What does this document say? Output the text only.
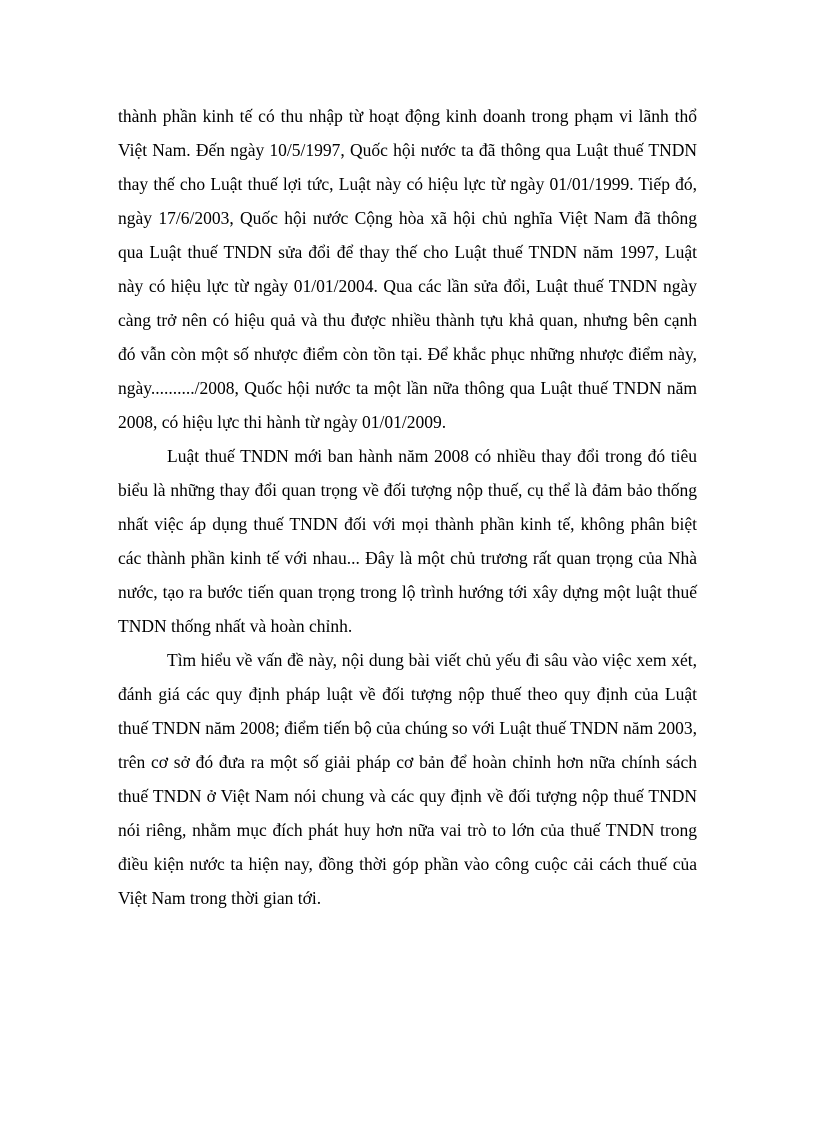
thành phần kinh tế có thu nhập từ hoạt động kinh doanh trong phạm vi lãnh thổ Việt Nam. Đến ngày 10/5/1997, Quốc hội nước ta đã thông qua Luật thuế TNDN thay thế cho Luật thuế lợi tức, Luật này có hiệu lực từ ngày 01/01/1999. Tiếp đó, ngày 17/6/2003, Quốc hội nước Cộng hòa xã hội chủ nghĩa Việt Nam đã thông qua Luật thuế TNDN sửa đổi để thay thế cho Luật thuế TNDN năm 1997, Luật này có hiệu lực từ ngày 01/01/2004. Qua các lần sửa đổi, Luật thuế TNDN ngày càng trở nên có hiệu quả và thu được nhiều thành tựu khả quan, nhưng bên cạnh đó vẫn còn một số nhược điểm còn tồn tại. Để khắc phục những nhược điểm này, ngày........../2008, Quốc hội nước ta một lần nữa thông qua Luật thuế TNDN năm 2008, có hiệu lực thi hành từ ngày 01/01/2009.

Luật thuế TNDN mới ban hành năm 2008 có nhiều thay đổi trong đó tiêu biểu là những thay đổi quan trọng về đối tượng nộp thuế, cụ thể là đảm bảo thống nhất việc áp dụng thuế TNDN đối với mọi thành phần kinh tế, không phân biệt các thành phần kinh tế với nhau... Đây là một chủ trương rất quan trọng của Nhà nước, tạo ra bước tiến quan trọng trong lộ trình hướng tới xây dựng một luật thuế TNDN thống nhất và hoàn chỉnh.

Tìm hiểu về vấn đề này, nội dung bài viết chủ yếu đi sâu vào việc xem xét, đánh giá các quy định pháp luật về đối tượng nộp thuế theo quy định của Luật thuế TNDN năm 2008; điểm tiến bộ của chúng so với Luật thuế TNDN năm 2003, trên cơ sở đó đưa ra một số giải pháp cơ bản để hoàn chỉnh hơn nữa chính sách thuế TNDN ở Việt Nam nói chung và các quy định về đối tượng nộp thuế TNDN nói riêng, nhằm mục đích phát huy hơn nữa vai trò to lớn của thuế TNDN trong điều kiện nước ta hiện nay, đồng thời góp phần vào công cuộc cải cách thuế của Việt Nam trong thời gian tới.
